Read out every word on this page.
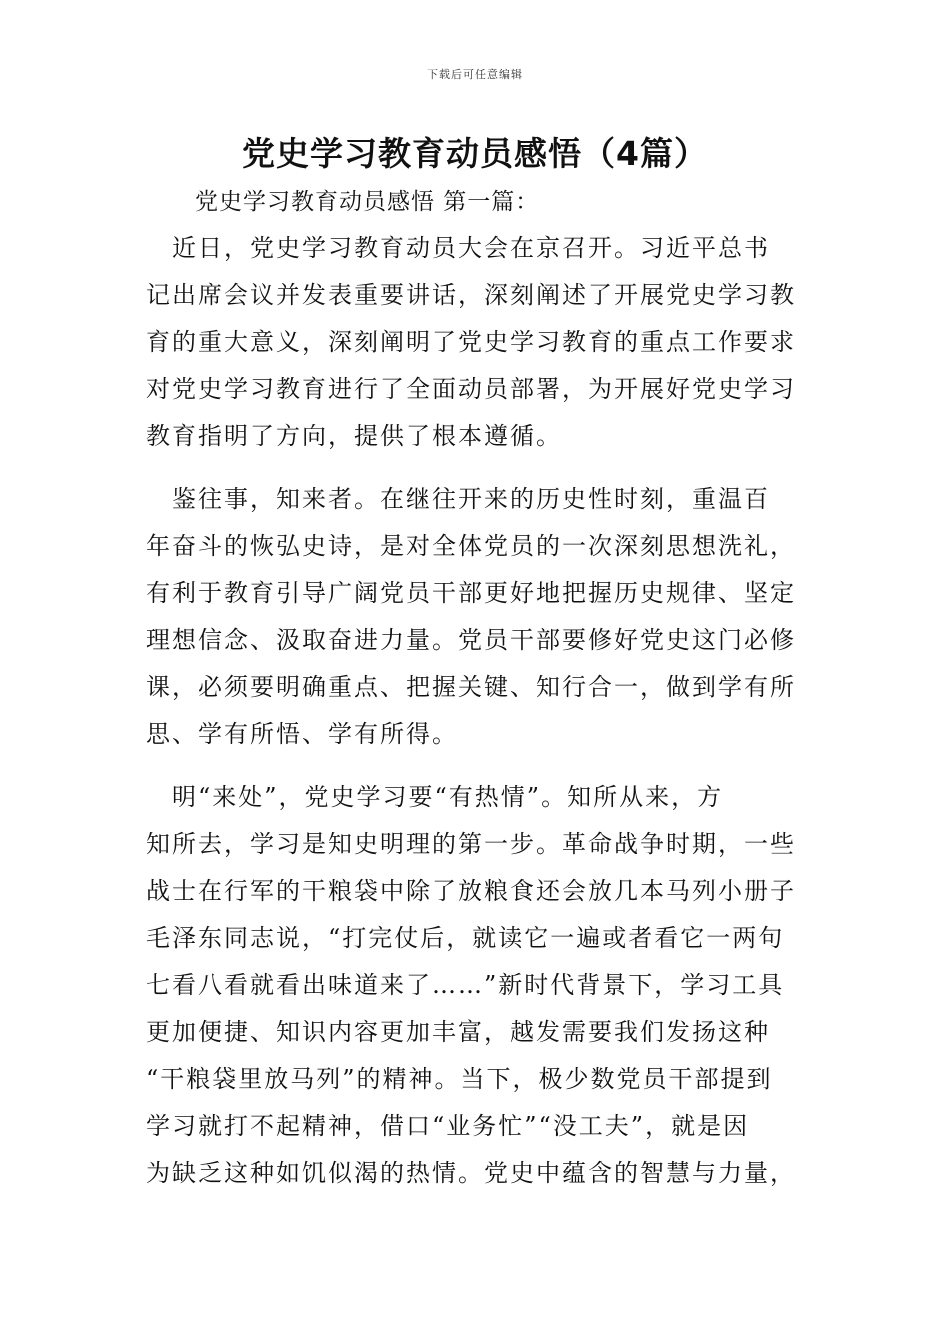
下载后可任意编辑
党史学习教育动员感悟（4篇）
党史学习教育动员感悟 第一篇：
　近日，党史学习教育动员大会在京召开。习近平总书
记出席会议并发表重要讲话，深刻阐述了开展党史学习教
育的重大意义，深刻阐明了党史学习教育的重点工作要求
对党史学习教育进行了全面动员部署，为开展好党史学习
教育指明了方向，提供了根本遵循。
　鉴往事，知来者。在继往开来的历史性时刻，重温百
年奋斗的恢弘史诗，是对全体党员的一次深刻思想洗礼，
有利于教育引导广阔党员干部更好地把握历史规律、坚定
理想信念、汲取奋进力量。党员干部要修好党史这门必修
课，必须要明确重点、把握关键、知行合一，做到学有所
思、学有所悟、学有所得。
　明“来处”，党史学习要“有热情”。知所从来，方
知所去，学习是知史明理的第一步。革命战争时期，一些
战士在行军的干粮袋中除了放粮食还会放几本马列小册子
毛泽东同志说，“打完仗后，就读它一遍或者看它一两句
七看八看就看出味道来了……”新时代背景下，学习工具
更加便捷、知识内容更加丰富，越发需要我们发扬这种
“干粮袋里放马列”的精神。当下，极少数党员干部提到
学习就打不起精神，借口“业务忙”“没工夫”，就是因
为缺乏这种如饥似渴的热情。党史中蕴含的智慧与力量，
